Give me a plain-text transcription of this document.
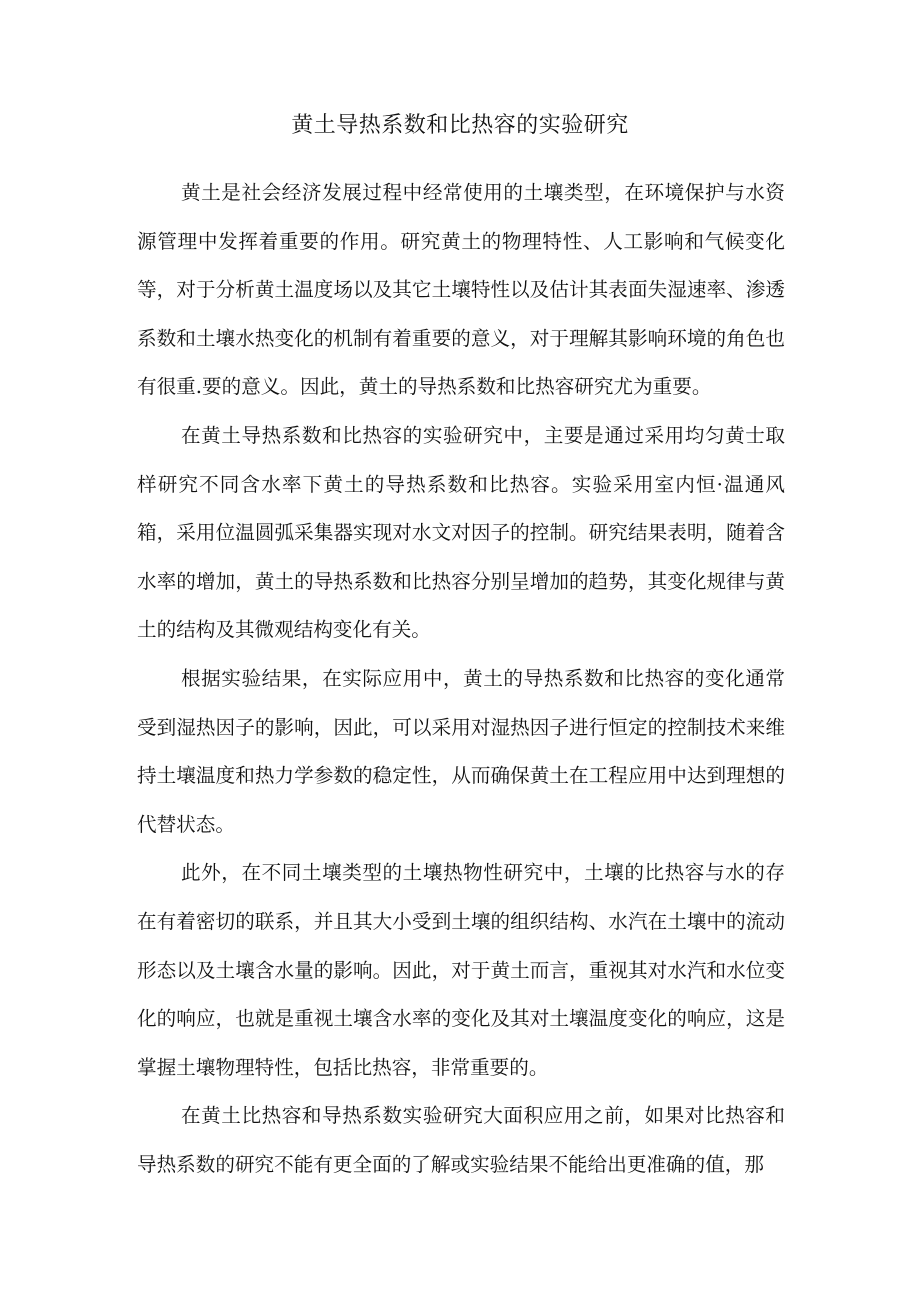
黄土导热系数和比热容的实验研究

黄土是社会经济发展过程中经常使用的土壤类型，在环境保护与水资源管理中发挥着重要的作用。研究黄土的物理特性、人工影响和气候变化等，对于分析黄土温度场以及其它土壤特性以及估计其表面失湿速率、渗透系数和土壤水热变化的机制有着重要的意义，对于理解其影响环境的角色也有很重.要的意义。因此，黄土的导热系数和比热容研究尤为重要。

在黄土导热系数和比热容的实验研究中，主要是通过采用均匀黄士取样研究不同含水率下黄土的导热系数和比热容。实验采用室内恒·温通风箱，采用位温圆弧采集器实现对水文对因子的控制。研究结果表明，随着含水率的增加，黄土的导热系数和比热容分别呈增加的趋势，其变化规律与黄土的结构及其微观结构变化有关。

根据实验结果，在实际应用中，黄土的导热系数和比热容的变化通常受到湿热因子的影响，因此，可以采用对湿热因子进行恒定的控制技术来维持土壤温度和热力学参数的稳定性，从而确保黄土在工程应用中达到理想的代替状态。

此外，在不同土壤类型的土壤热物性研究中，土壤的比热容与水的存在有着密切的联系，并且其大小受到土壤的组织结构、水汽在土壤中的流动形态以及土壤含水量的影响。因此，对于黄土而言，重视其对水汽和水位变化的响应，也就是重视土壤含水率的变化及其对土壤温度变化的响应，这是掌握土壤物理特性，包括比热容，非常重要的。

在黄土比热容和导热系数实验研究大面积应用之前，如果对比热容和导热系数的研究不能有更全面的了解或实验结果不能给出更准确的值，那
